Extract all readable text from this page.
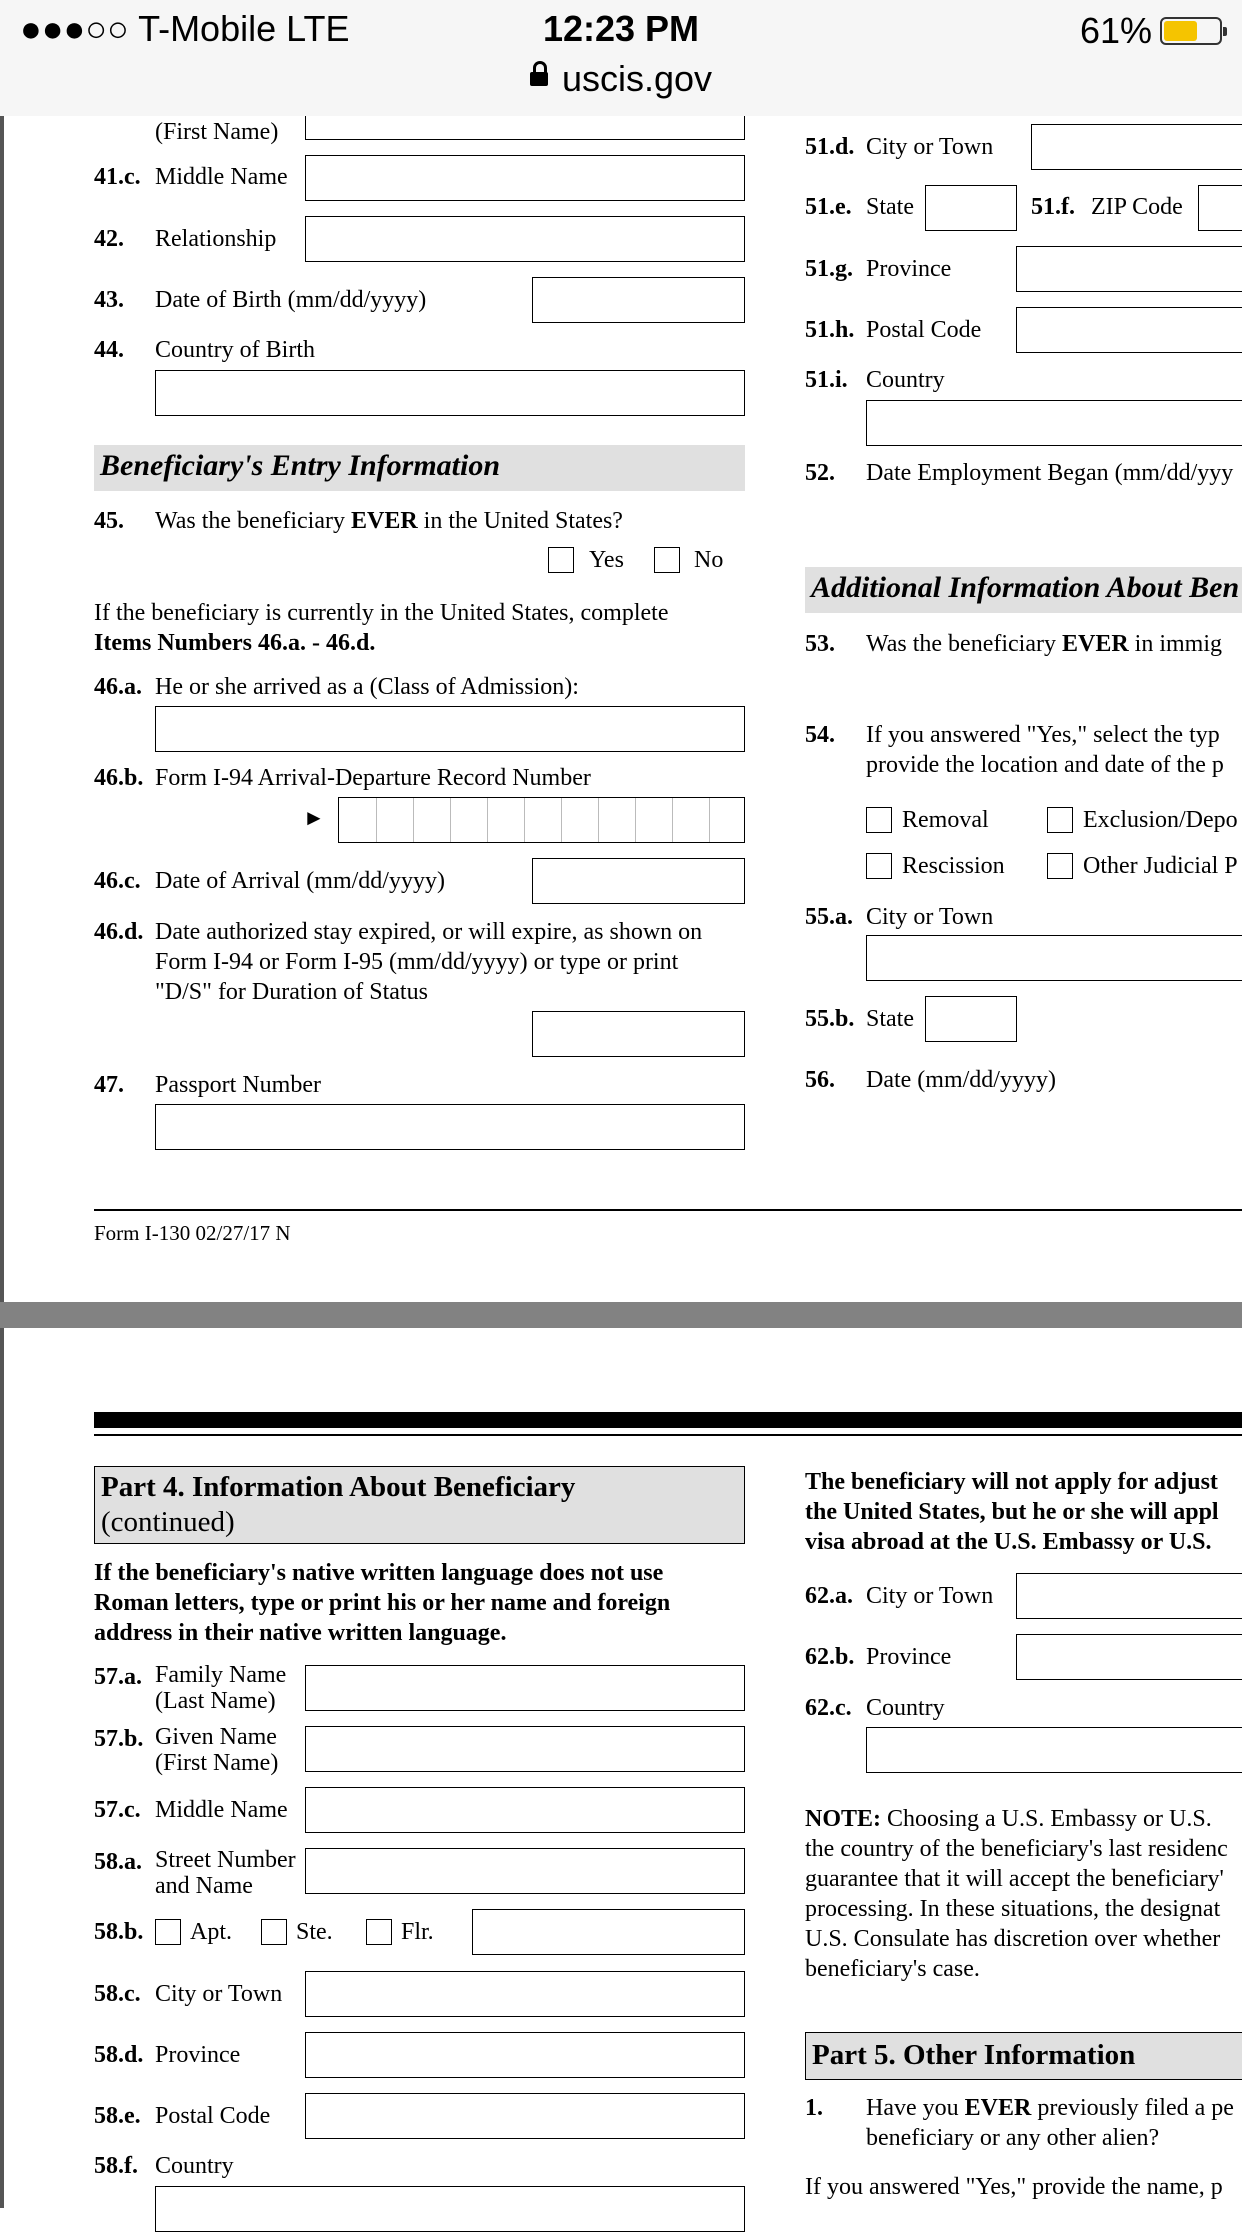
●●●○○ T-Mobile LTE	12:23 PM	61%
uscis.gov
(First Name)
41.c. Middle Name
42. Relationship
43. Date of Birth (mm/dd/yyyy)
44. Country of Birth
Beneficiary's Entry Information
45. Was the beneficiary EVER in the United States?
Yes	No
If the beneficiary is currently in the United States, complete
Items Numbers 46.a. - 46.d.
46.a. He or she arrived as a (Class of Admission):
46.b. Form I-94 Arrival-Departure Record Number
►
46.c. Date of Arrival (mm/dd/yyyy)
46.d. Date authorized stay expired, or will expire, as shown on
Form I-94 or Form I-95 (mm/dd/yyyy) or type or print
"D/S" for Duration of Status
47. Passport Number
Form I-130 02/27/17 N
51.d. City or Town
51.e. State	51.f. ZIP Code
51.g. Province
51.h. Postal Code
51.i. Country
52. Date Employment Began (mm/dd/yyy
Additional Information About Ben
53. Was the beneficiary EVER in immig
54. If you answered "Yes," select the typ
provide the location and date of the p
Removal	Exclusion/Depo
Rescission	Other Judicial P
55.a. City or Town
55.b. State
56. Date (mm/dd/yyyy)
Part 4. Information About Beneficiary
(continued)
If the beneficiary's native written language does not use
Roman letters, type or print his or her name and foreign
address in their native written language.
57.a. Family Name
(Last Name)
57.b. Given Name
(First Name)
57.c. Middle Name
58.a. Street Number
and Name
58.b. Apt.	Ste.	Flr.
58.c. City or Town
58.d. Province
58.e. Postal Code
58.f. Country
The beneficiary will not apply for adjust
the United States, but he or she will appl
visa abroad at the U.S. Embassy or U.S.
62.a. City or Town
62.b. Province
62.c. Country
NOTE: Choosing a U.S. Embassy or U.S.
the country of the beneficiary's last residenc
guarantee that it will accept the beneficiary'
processing. In these situations, the designat
U.S. Consulate has discretion over whether
beneficiary's case.
Part 5. Other Information
1. Have you EVER previously filed a pe
beneficiary or any other alien?
If you answered "Yes," provide the name, p
